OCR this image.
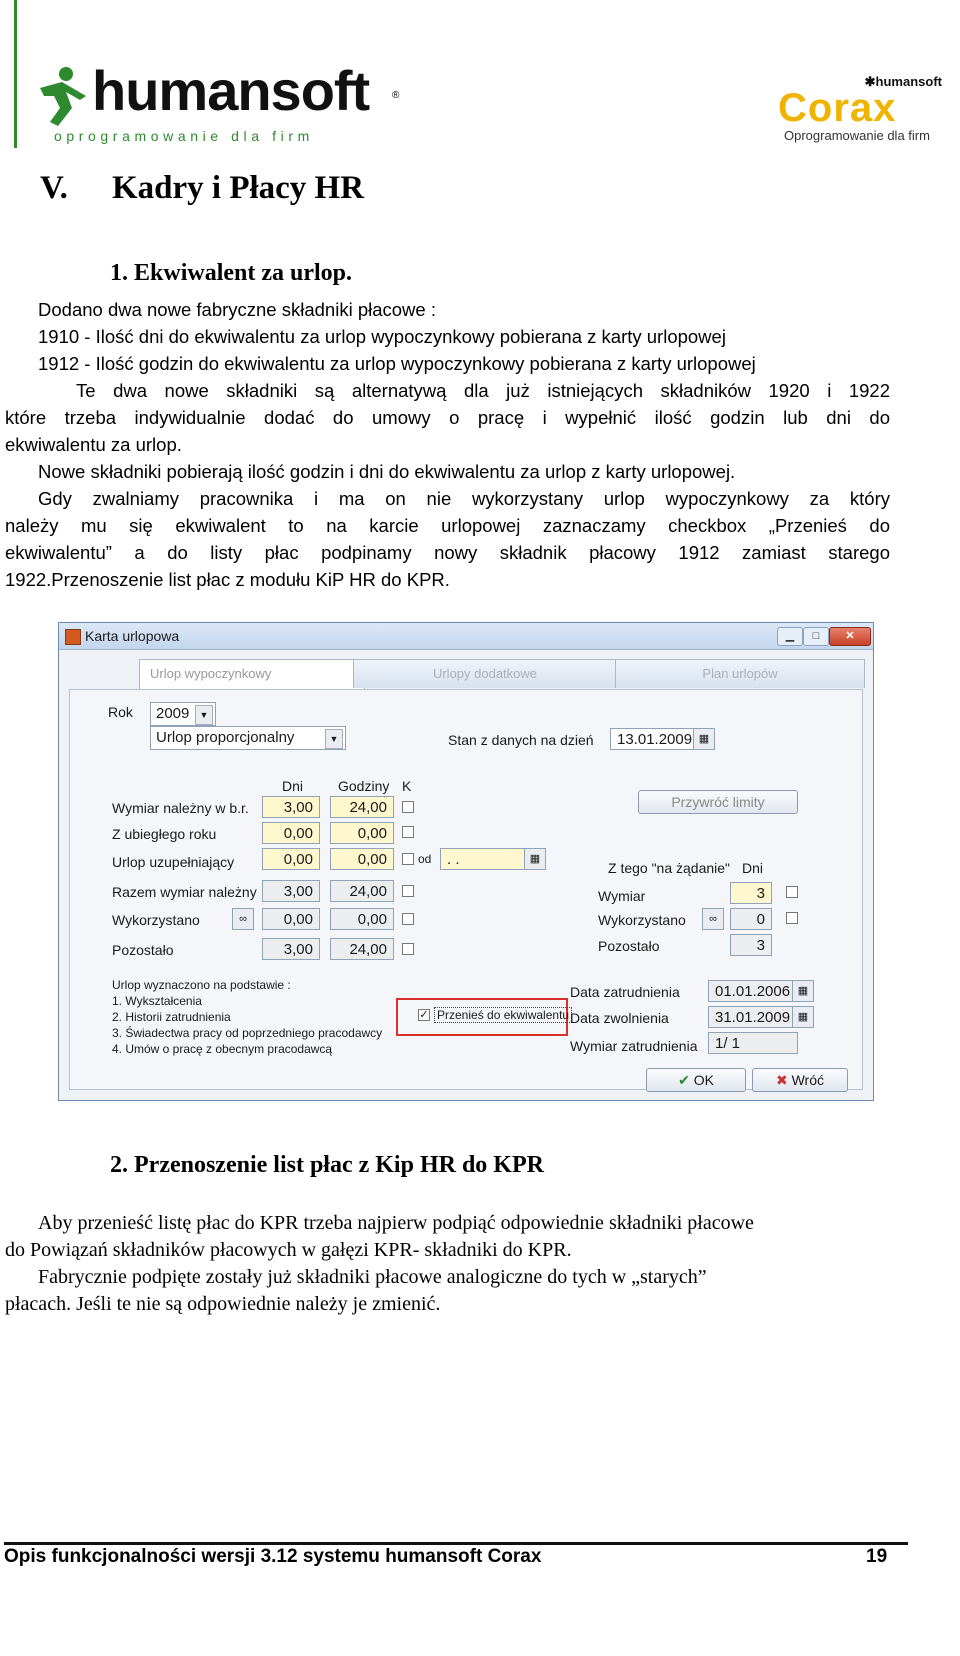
humansoft ®
oprogramowanie dla firm
✱humansoft
Corax
Oprogramowanie dla firm
V. Kadry i Płacy HR
1. Ekwiwalent za urlop.
Dodano dwa nowe fabryczne składniki płacowe :
1910 - Ilość dni do ekwiwalentu za urlop wypoczynkowy pobierana z karty urlopowej
1912 - Ilość godzin do ekwiwalentu za urlop wypoczynkowy pobierana z karty urlopowej
Te dwa nowe składniki są alternatywą dla już istniejących składników 1920 i 1922
które trzeba indywidualnie dodać do umowy o pracę i wypełnić ilość godzin lub dni do
ekwiwalentu za urlop.
Nowe składniki pobierają ilość godzin i dni do ekwiwalentu za urlop z karty urlopowej.
Gdy zwalniamy pracownika i ma on nie wykorzystany urlop wypoczynkowy za który
należy mu się ekwiwalent to na karcie urlopowej zaznaczamy checkbox „Przenieś do
ekwiwalentu” a do listy płac podpinamy nowy składnik płacowy 1912 zamiast starego
1922.Przenoszenie list płac z modułu KiP HR do KPR.
Karta urlopowa	▁	□	✕
Urlop wypoczynkowy	Urlopy dodatkowe	Plan urlopów
Rok	2009	▼
Urlop proporcjonalny	▼	Stan z danych na dzień	13.01.2009 ▦
Dni Godziny K
Wymiar należny w b.r.	3,00	24,00
Z ubiegłego roku	0,00	0,00
Urlop uzupełniający	0,00	0,00	od	. .	▦
Razem wymiar należny	3,00	24,00
Wykorzystano	∞	0,00	0,00
Pozostało	3,00	24,00
Przywróć limity
Z tego "na żądanie" Dni
Wymiar	3
Wykorzystano	∞	0
Pozostało	3
Urlop wyznaczono na podstawie :
1. Wykształcenia
2. Historii zatrudnienia
3. Świadectwa pracy od poprzedniego pracodawcy
4. Umów o pracę z obecnym pracodawcą
✓ Przenieś do ekwiwalentu
Data zatrudnienia	01.01.2006 ▦
Data zwolnienia	31.01.2009 ▦
Wymiar zatrudnienia	1/ 1
✔ OK	✖ Wróć
2. Przenoszenie list płac z Kip HR do KPR
Aby przenieść listę płac do KPR trzeba najpierw podpiąć odpowiednie składniki płacowe
do Powiązań składników płacowych w gałęzi KPR- składniki do KPR.
Fabrycznie podpięte zostały już składniki płacowe analogiczne do tych w „starych”
płacach. Jeśli te nie są odpowiednie należy je zmienić.
Opis funkcjonalności wersji 3.12 systemu humansoft Corax	19
